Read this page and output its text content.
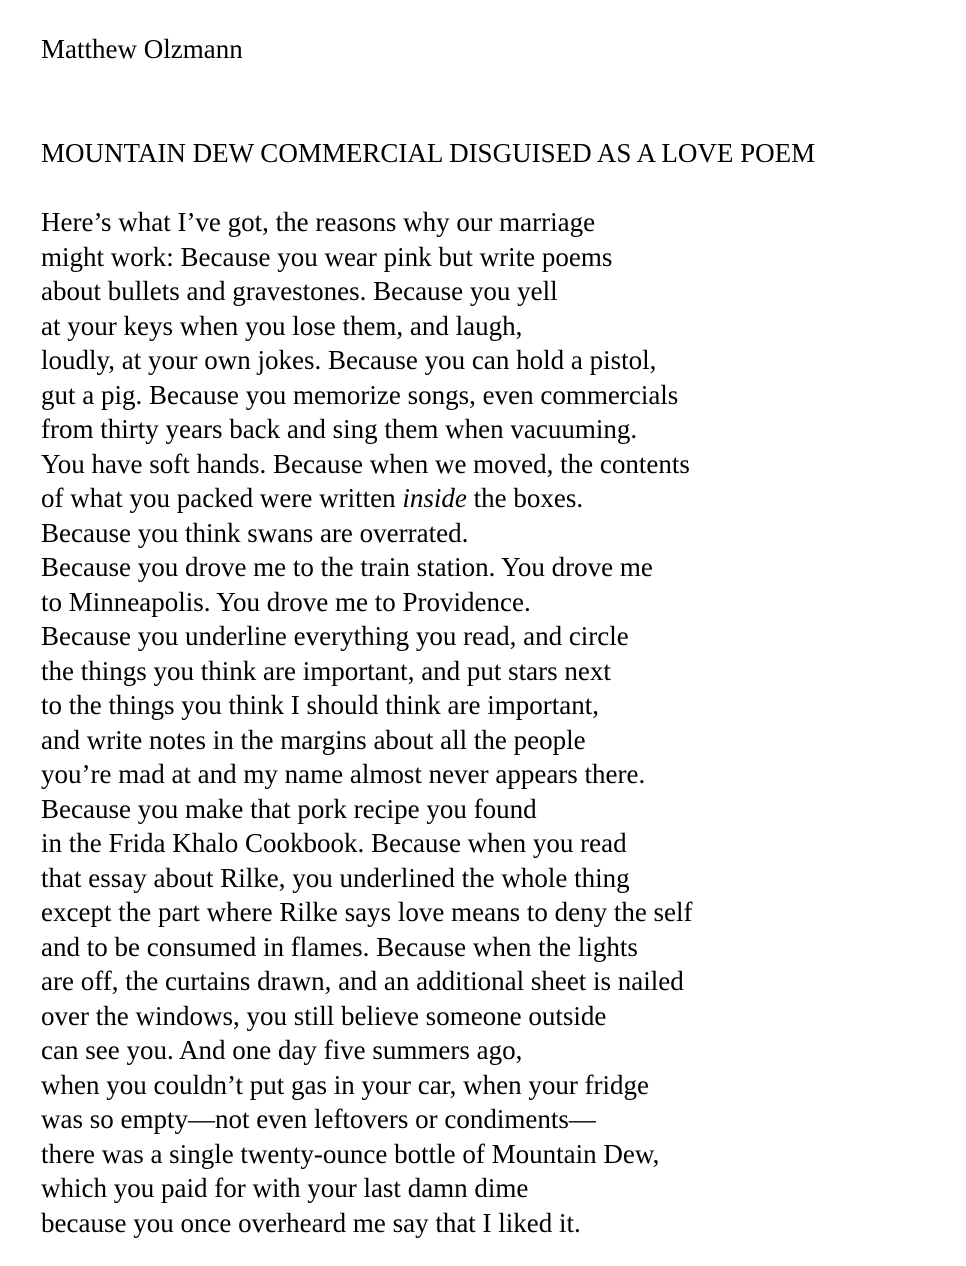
Matthew Olzmann
MOUNTAIN DEW COMMERCIAL DISGUISED AS A LOVE POEM
Here’s what I’ve got, the reasons why our marriage
might work: Because you wear pink but write poems
about bullets and gravestones. Because you yell
at your keys when you lose them, and laugh,
loudly, at your own jokes. Because you can hold a pistol,
gut a pig. Because you memorize songs, even commercials
from thirty years back and sing them when vacuuming.
You have soft hands. Because when we moved, the contents
of what you packed were written inside the boxes.
Because you think swans are overrated.
Because you drove me to the train station. You drove me
to Minneapolis. You drove me to Providence.
Because you underline everything you read, and circle
the things you think are important, and put stars next
to the things you think I should think are important,
and write notes in the margins about all the people
you’re mad at and my name almost never appears there.
Because you make that pork recipe you found
in the Frida Khalo Cookbook. Because when you read
that essay about Rilke, you underlined the whole thing
except the part where Rilke says love means to deny the self
and to be consumed in flames. Because when the lights
are off, the curtains drawn, and an additional sheet is nailed
over the windows, you still believe someone outside
can see you. And one day five summers ago,
when you couldn’t put gas in your car, when your fridge
was so empty—not even leftovers or condiments—
there was a single twenty-ounce bottle of Mountain Dew,
which you paid for with your last damn dime
because you once overheard me say that I liked it.
